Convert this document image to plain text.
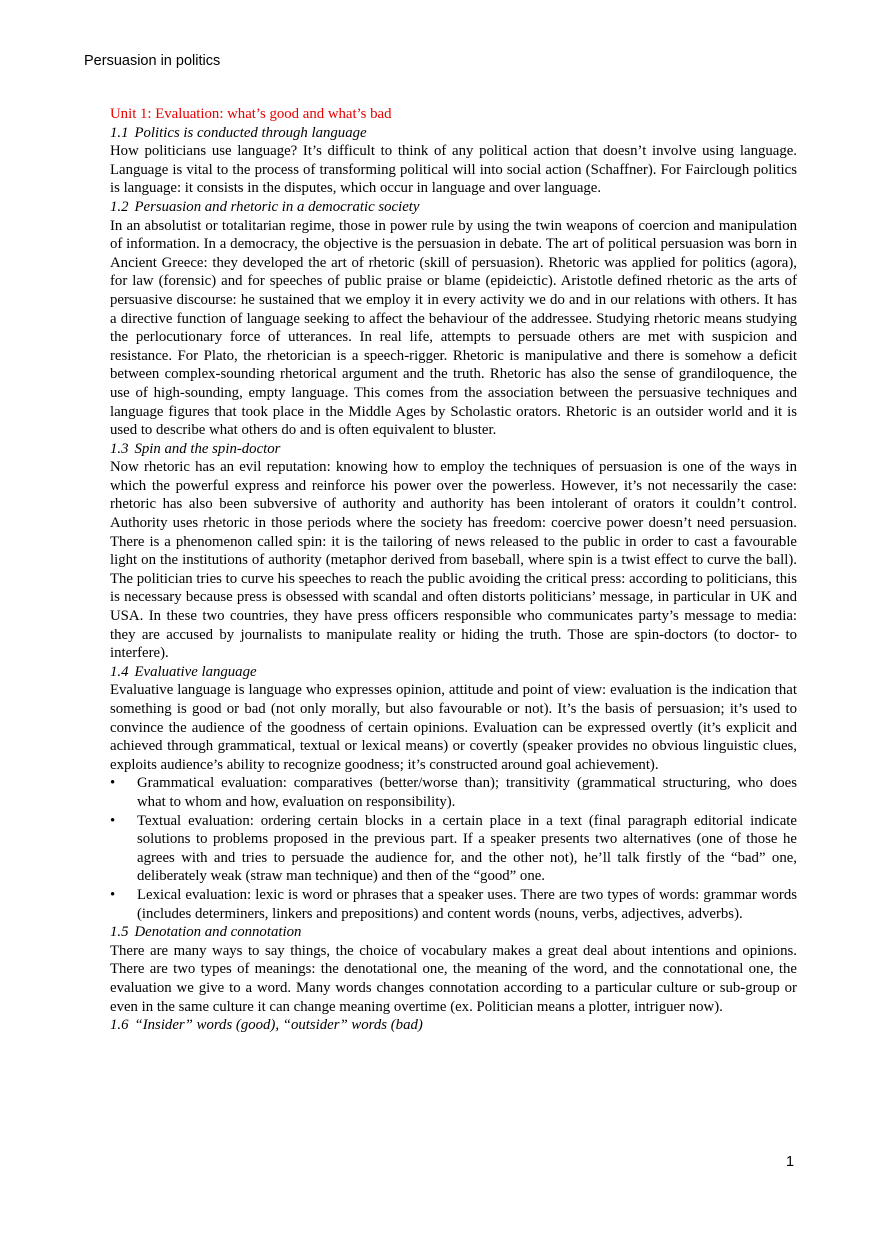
Persuasion in politics
Unit 1: Evaluation: what’s good and what’s bad
1.1 Politics is conducted through language

How politicians use language? It’s difficult to think of any political action that doesn’t involve using language. Language is vital to the process of transforming political will into social action (Schaffner). For Fairclough politics is language: it consists in the disputes, which occur in language and over language.

1.2 Persuasion and rhetoric in a democratic society

In an absolutist or totalitarian regime, those in power rule by using the twin weapons of coercion and manipulation of information. In a democracy, the objective is the persuasion in debate. The art of political persuasion was born in Ancient Greece: they developed the art of rhetoric (skill of persuasion). Rhetoric was applied for politics (agora), for law (forensic) and for speeches of public praise or blame (epideictic). Aristotle defined rhetoric as the arts of persuasive discourse: he sustained that we employ it in every activity we do and in our relations with others. It has a directive function of language seeking to affect the behaviour of the addressee. Studying rhetoric means studying the perlocutionary force of utterances. In real life, attempts to persuade others are met with suspicion and resistance. For Plato, the rhetorician is a speech-rigger. Rhetoric is manipulative and there is somehow a deficit between complex-sounding rhetorical argument and the truth. Rhetoric has also the sense of grandiloquence, the use of high-sounding, empty language. This comes from the association between the persuasive techniques and language figures that took place in the Middle Ages by Scholastic orators. Rhetoric is an outsider world and it is used to describe what others do and is often equivalent to bluster.

1.3 Spin and the spin-doctor

Now rhetoric has an evil reputation: knowing how to employ the techniques of persuasion is one of the ways in which the powerful express and reinforce his power over the powerless. However, it’s not necessarily the case: rhetoric has also been subversive of authority and authority has been intolerant of orators it couldn’t control. Authority uses rhetoric in those periods where the society has freedom: coercive power doesn’t need persuasion. There is a phenomenon called spin: it is the tailoring of news released to the public in order to cast a favourable light on the institutions of authority (metaphor derived from baseball, where spin is a twist effect to curve the ball). The politician tries to curve his speeches to reach the public avoiding the critical press: according to politicians, this is necessary because press is obsessed with scandal and often distorts politicians’ message, in particular in UK and USA. In these two countries, they have press officers responsible who communicates party’s message to media: they are accused by journalists to manipulate reality or hiding the truth. Those are spin-doctors (to doctor- to interfere).

1.4 Evaluative language

Evaluative language is language who expresses opinion, attitude and point of view: evaluation is the indication that something is good or bad (not only morally, but also favourable or not). It’s the basis of persuasion; it’s used to convince the audience of the goodness of certain opinions. Evaluation can be expressed overtly (it’s explicit and achieved through grammatical, textual or lexical means) or covertly (speaker provides no obvious linguistic clues, exploits audience’s ability to recognize goodness; it’s constructed around goal achievement).

• Grammatical evaluation: comparatives (better/worse than); transitivity (grammatical structuring, who does what to whom and how, evaluation on responsibility).
• Textual evaluation: ordering certain blocks in a certain place in a text (final paragraph editorial indicate solutions to problems proposed in the previous part. If a speaker presents two alternatives (one of those he agrees with and tries to persuade the audience for, and the other not), he’ll talk firstly of the “bad” one, deliberately weak (straw man technique) and then of the “good” one.
• Lexical evaluation: lexic is word or phrases that a speaker uses. There are two types of words: grammar words (includes determiners, linkers and prepositions) and content words (nouns, verbs, adjectives, adverbs).
1.5 Denotation and connotation

There are many ways to say things, the choice of vocabulary makes a great deal about intentions and opinions. There are two types of meanings: the denotational one, the meaning of the word, and the connotational one, the evaluation we give to a word. Many words changes connotation according to a particular culture or sub-group or even in the same culture it can change meaning overtime (ex. Politician means a plotter, intriguer now).

1.6 “Insider” words (good), “outsider” words (bad)
1
